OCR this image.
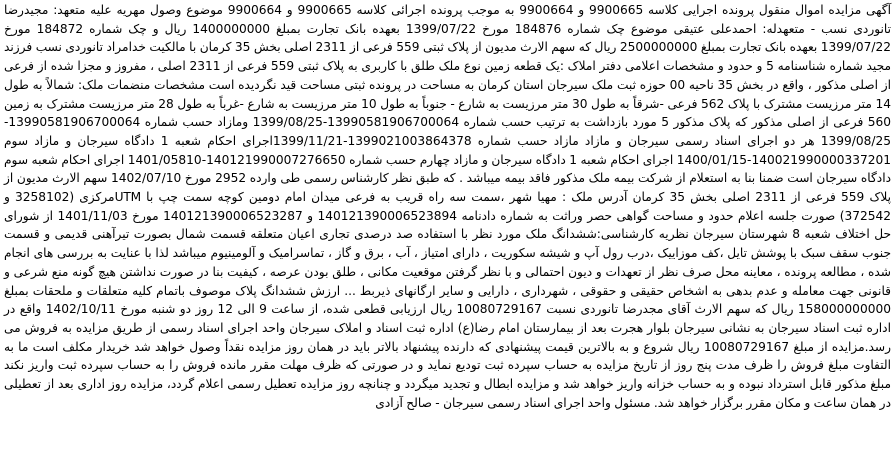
آگهی مزایده اموال منقول پرونده اجرایی کلاسه 9900665 و 9900664 به موجب پرونده اجرائی کلاسه 9900665 و 9900664 موضوع وصول مهریه علیه متعهد: مجیدرضا تانوردی نسب - متعهدله: احمدعلی عتیقی موضوع چک شماره 184876 مورخ 1399/07/22 بعهده بانک تجارت بمبلغ 1400000000 ریال و چک شماره 184872 مورخ 1399/07/22 بعهده بانک تجارت بمبلغ 2500000000 ریال که سهم الارث مدیون از پلاک ثبتی 559 فرعی از 2311 اصلی بخش 35 کرمان با مالکیت خدامراد تانوردی نسب فرزند مجید شماره شناسنامه 5 و حدود و مشخصات اعلامی دفتر املاک :یک قطعه زمین نوع ملک طلق با کاربری به پلاک ثبتی 559 فرعی از 2311 اصلی ، مفروز و مجزا شده از فرعی از اصلی مذکور ، واقع در بخش 35 ناحیه 00 حوزه ثبت ملک سیرجان استان کرمان به مساحت در پرونده ثبتی مساحت قید نگردیده است مشخصات منضمات ملک: شمالاً به طول 14 متر مرزیست مشترک با پلاک 562 فرعی -شرقاً به طول 30 متر مرزیست به شارع - جنوباً به طول 10 متر مرزیست به شارع -غرباً به طول 28 متر مرزیست مشترک به زمین 560 فرعی از اصلی مذکور که پلاک مذکور 5 مورد بازداشت به ترتیب حسب شماره 13990581906700064-1399/08/25 ومازاد حسب شماره 13990581906700064-1399/08/25 هر دو اجرای اسناد رسمی سیرجان و مازاد مازاد حسب شماره 1399021003864378-1399/11/21اجرای احکام شعبه 1 دادگاه سیرجان و مازاد سوم 140021990000337201-1400/01/15 اجرای احکام شعبه 1 دادگاه سیرجان و مازاد چهارم حسب شماره 140121990007276650-1401/05810 اجرای احکام شعبه سوم دادگاه سیرجان است ضمنا بنا به استعلام از شرکت بیمه ملک مذکور فاقد بیمه میباشد . که طبق نظر کارشناس رسمی طی وارده 2952 مورخ 1402/07/10 سهم الارث مدیون از پلاک 559 فرعی از 2311 اصلی بخش 35 کرمان آدرس ملک : مهیا شهر ،سمت سه راه قریب به فرعی میدان امام دومین کوچه سمت چپ با UTMمرکزی (3258102 و 372542) صورت جلسه اعلام حدود و مساحت گواهی حصر وراثت به شماره دادنامه 140121390006523894 و 140121390006523287 مورخ 1401/11/03 از شورای حل اختلاف شعبه 8 شهرستان سیرجان نظریه کارشناسی:ششدانگ ملک مورد نظر با استفاده صد درصدی تجاری اعیان متعلقه قسمت شمال بصورت تیرآهنی قدیمی و قسمت جنوب سقف سبک با پوشش تایل ،کف موزاییک ،درب رول آپ و شیشه سکوریت ، دارای امتیاز ، آب ، برق و گاز ، تماسرامیک و آلومینیوم میباشد لذا با عنایت به بررسی های انجام شده ، مطالعه پرونده ، معاینه محل صرف نظر از تعهدات و دیون احتمالی و با نظر گرفتن موقعیت مکانی ، طلق بودن عرصه ، کیفیت بنا در صورت نداشتن هیچ گونه منع شرعی و قانونی جهت معامله و عدم بدهی به اشخاص حقیقی و حقوقی ، شهرداری ، دارایی و سایر ارگانهای ذیربط ... ارزش ششدانگ پلاک موصوف باتمام کلیه متعلقات و ملحقات بمبلغ 158000000000 ریال که سهم الارث آقای مجدرضا تانوردی نسبت 10080729167 ریال ارزیابی قطعی شده، از ساعت 9 الی 12 روز دو شنبه مورخ 1402/10/11 واقع در اداره ثبت اسناد سیرجان به نشانی سیرجان بلوار هجرت بعد از بیمارستان امام رضا(ع) اداره ثبت اسناد و املاک سیرجان واحد اجرای اسناد رسمی از طریق مزایده به فروش می رسد.مزایده از مبلغ 10080729167 ریال شروع و به بالاترین قیمت پیشنهادی که دارنده پیشنهاد بالاتر باید در همان روز مزایده نقداً وصول خواهد شد خریدار مکلف است ما به التفاوت مبلغ فروش را ظرف مدت پنج روز از تاریخ مزایده به حساب سپرده ثبت تودیع نماید و در صورتی که ظرف مهلت مقرر مانده فروش را به حساب سپرده ثبت واریز نکند مبلغ مذکور قابل استرداد نبوده و به حساب خزانه واریز خواهد شد و مزایده ابطال و تجدید میگردد و چنانچه روز مزایده تعطیل رسمی اعلام گردد، مزایده روز اداری بعد از تعطیلی در همان ساعت و مکان مقرر برگزار خواهد شد. مسئول واحد اجرای اسناد رسمی سیرجان - صالح آزادی
